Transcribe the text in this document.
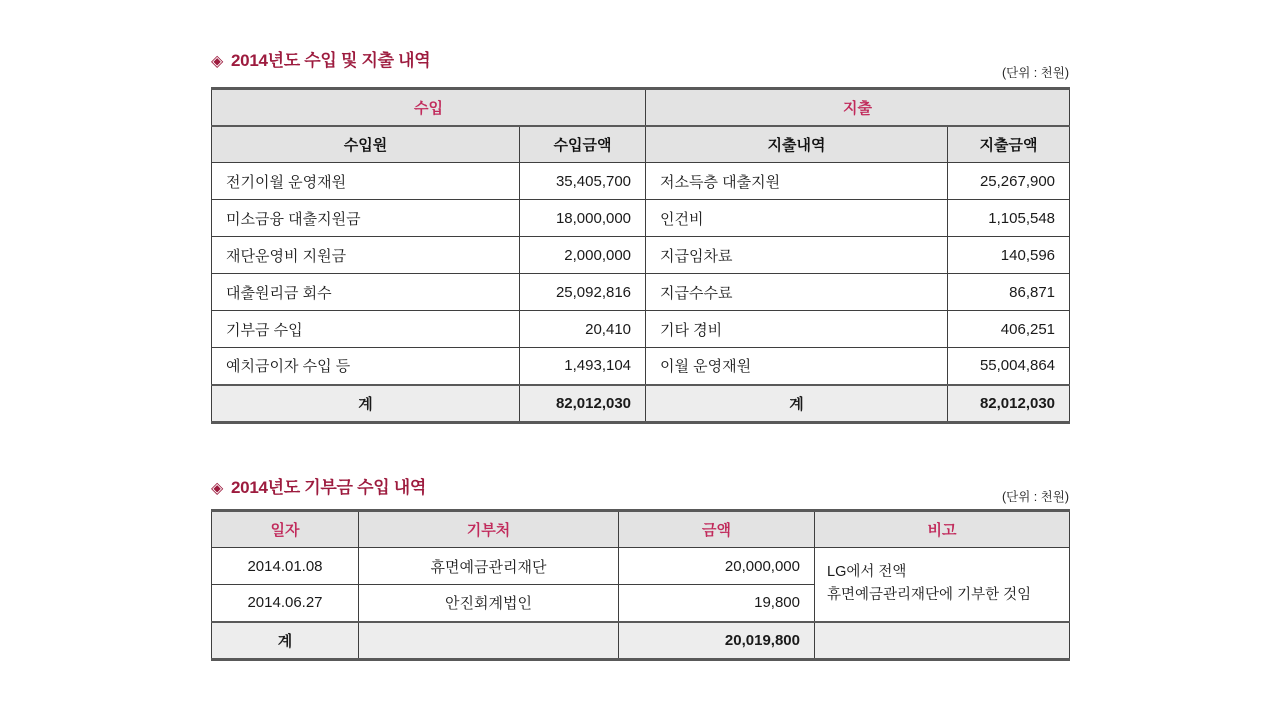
◈ 2014년도 수입 및 지출 내역
(단위 : 천원)
수입		지출	
수입원	수입금액	지출내역	지출금액
전기이월 운영재원	35,405,700	저소득층 대출지원	25,267,900
미소금융 대출지원금	18,000,000	인건비	1,105,548
재단운영비 지원금	2,000,000	지급임차료	140,596
대출원리금 회수	25,092,816	지급수수료	86,871
기부금 수입	20,410	기타 경비	406,251
예치금이자 수입 등	1,493,104	이월 운영재원	55,004,864
계	82,012,030	계	82,012,030
◈ 2014년도 기부금 수입 내역	(단위 : 천원)
일자	기부처	금액	비고
2014.01.08	휴면예금관리재단	20,000,000	LG에서 전액
휴면예금관리재단에 기부한 것임

2014.06.27	안진회계법인	19,800	
계		20,019,800	
